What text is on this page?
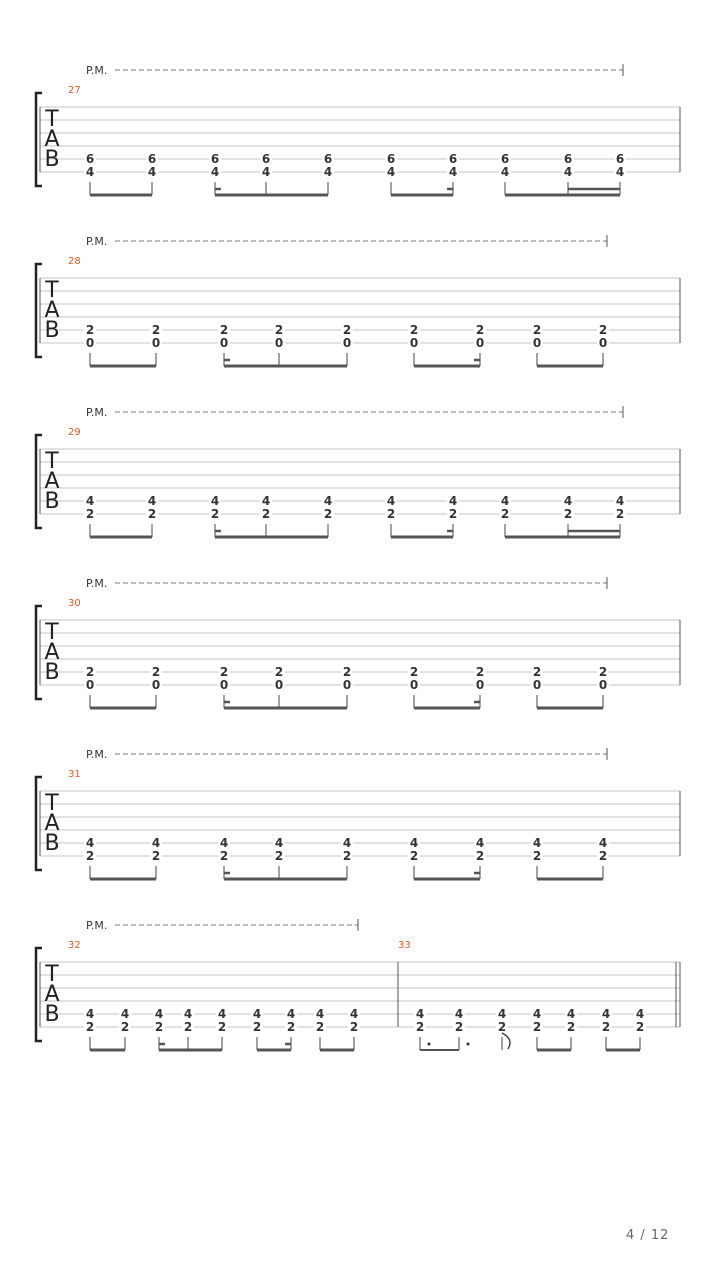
P.M.
T
A
B
27
6
4
6
4
6
4
6
4
6
4
6
4
6
4
6
4
6
4
6
4
P.M.
T
A
B
28
2
0
2
0
2
0
2
0
2
0
2
0
2
0
2
0
2
0
P.M.
T
A
B
29
4
2
4
2
4
2
4
2
4
2
4
2
4
2
4
2
4
2
4
2
P.M.
T
A
B
30
2
0
2
0
2
0
2
0
2
0
2
0
2
0
2
0
2
0
P.M.
T
A
B
31
4
2
4
2
4
2
4
2
4
2
4
2
4
2
4
2
4
2
P.M.
T
A
B
32
4
2
4
2
4
2
4
2
4
2
4
2
4
2
4
2
4
2
33
4
2
4
2
4
2
4
2
4
2
4
2
4
2
4 / 12
